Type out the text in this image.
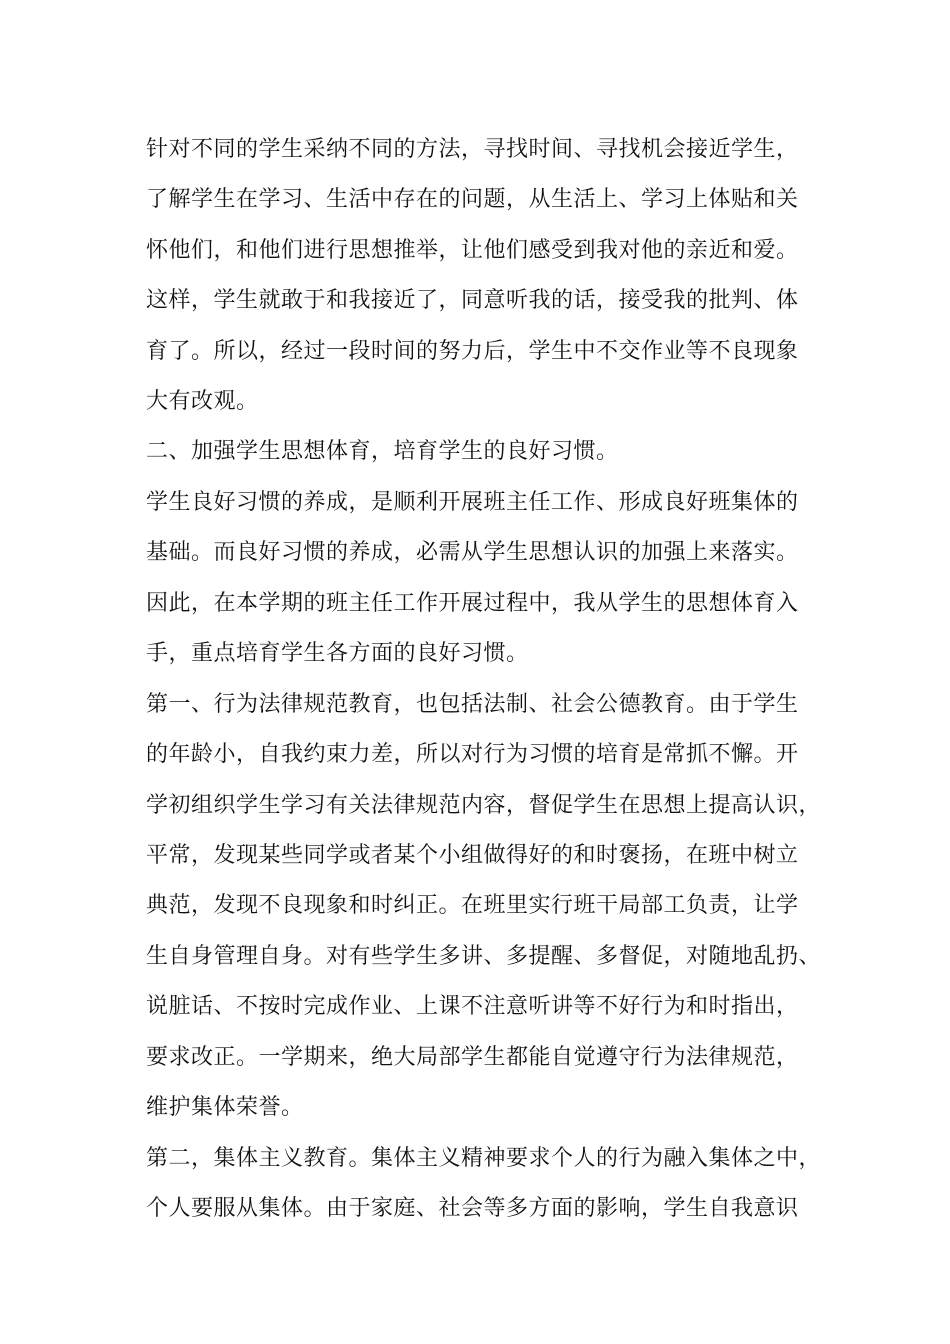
针对不同的学生采纳不同的方法，寻找时间、寻找机会接近学生，
了解学生在学习、生活中存在的问题，从生活上、学习上体贴和关
怀他们，和他们进行思想推举，让他们感受到我对他的亲近和爱。
这样，学生就敢于和我接近了，同意听我的话，接受我的批判、体
育了。所以，经过一段时间的努力后，学生中不交作业等不良现象
大有改观。
二、加强学生思想体育，培育学生的良好习惯。
学生良好习惯的养成，是顺利开展班主任工作、形成良好班集体的
基础。而良好习惯的养成，必需从学生思想认识的加强上来落实。
因此，在本学期的班主任工作开展过程中，我从学生的思想体育入
手，重点培育学生各方面的良好习惯。
第一、行为法律规范教育，也包括法制、社会公德教育。由于学生
的年龄小，自我约束力差，所以对行为习惯的培育是常抓不懈。开
学初组织学生学习有关法律规范内容，督促学生在思想上提高认识，
平常，发现某些同学或者某个小组做得好的和时褒扬，在班中树立
典范，发现不良现象和时纠正。在班里实行班干局部工负责，让学
生自身管理自身。对有些学生多讲、多提醒、多督促，对随地乱扔、
说脏话、不按时完成作业、上课不注意听讲等不好行为和时指出，
要求改正。一学期来，绝大局部学生都能自觉遵守行为法律规范，
维护集体荣誉。
第二，集体主义教育。集体主义精神要求个人的行为融入集体之中，
个人要服从集体。由于家庭、社会等多方面的影响，学生自我意识
